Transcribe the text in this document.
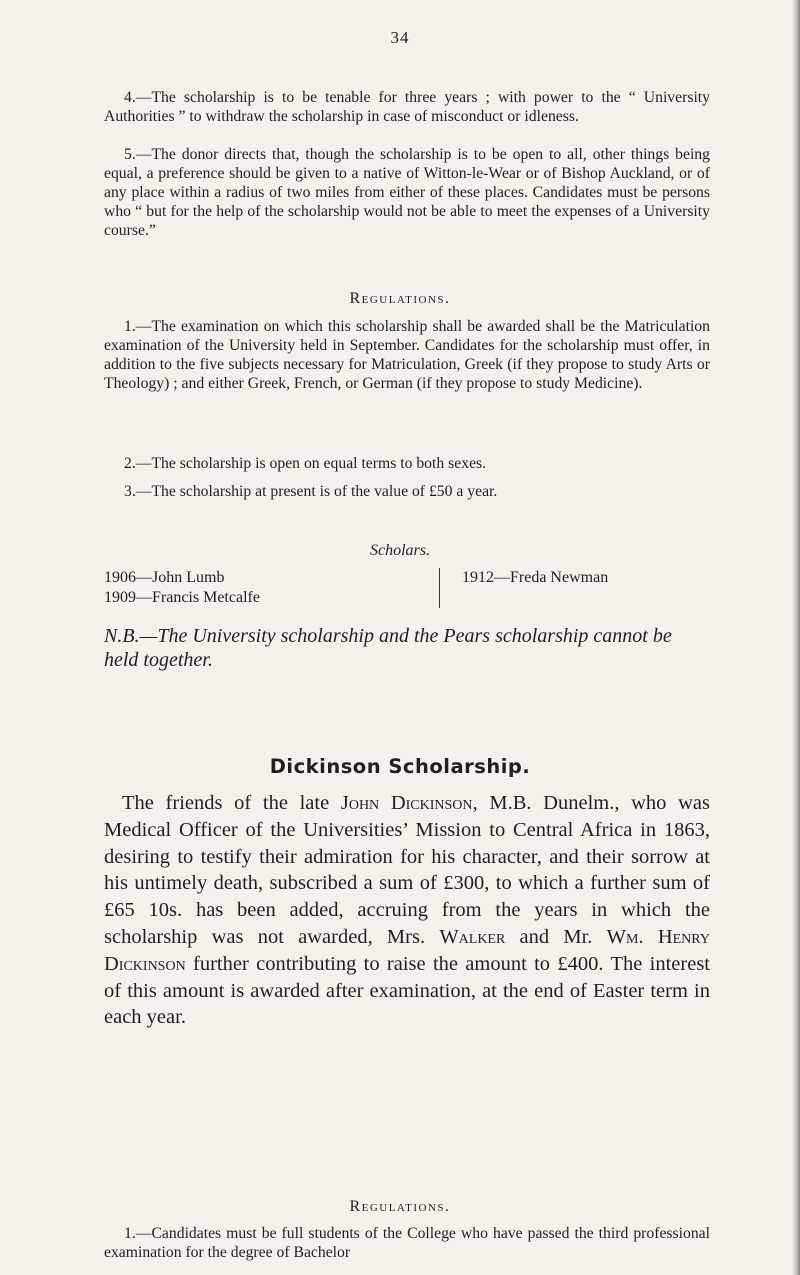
34

4.—The scholarship is to be tenable for three years ; with power to the “ University Authorities ” to withdraw the scholarship in case of misconduct or idleness.

5.—The donor directs that, though the scholarship is to be open to all, other things being equal, a preference should be given to a native of Witton-le-Wear or of Bishop Auckland, or of any place within a radius of two miles from either of these places. Candidates must be persons who “ but for the help of the scholarship would not be able to meet the expenses of a University course.”

Regulations.

1.—The examination on which this scholarship shall be awarded shall be the Matriculation examination of the University held in September. Candidates for the scholarship must offer, in addition to the five subjects necessary for Matriculation, Greek (if they propose to study Arts or Theology) ; and either Greek, French, or German (if they propose to study Medicine).

2.—The scholarship is open on equal terms to both sexes.

3.—The scholarship at present is of the value of £50 a year.

Scholars.
1906—John Lumb
1909—Francis Metcalfe
1912—Freda Newman

N.B.—The University scholarship and the Pears scholarship cannot be held together.

Dickinson Scholarship.

The friends of the late John Dickinson, M.B. Dunelm., who was Medical Officer of the Universities’ Mission to Central Africa in 1863, desiring to testify their admiration for his character, and their sorrow at his untimely death, subscribed a sum of £300, to which a further sum of £65 10s. has been added, accruing from the years in which the scholarship was not awarded, Mrs. Walker and Mr. Wm. Henry Dickinson further contributing to raise the amount to £400. The interest of this amount is awarded after examination, at the end of Easter term in each year.

Regulations.

1.—Candidates must be full students of the College who have passed the third professional examination for the degree of Bachelor
